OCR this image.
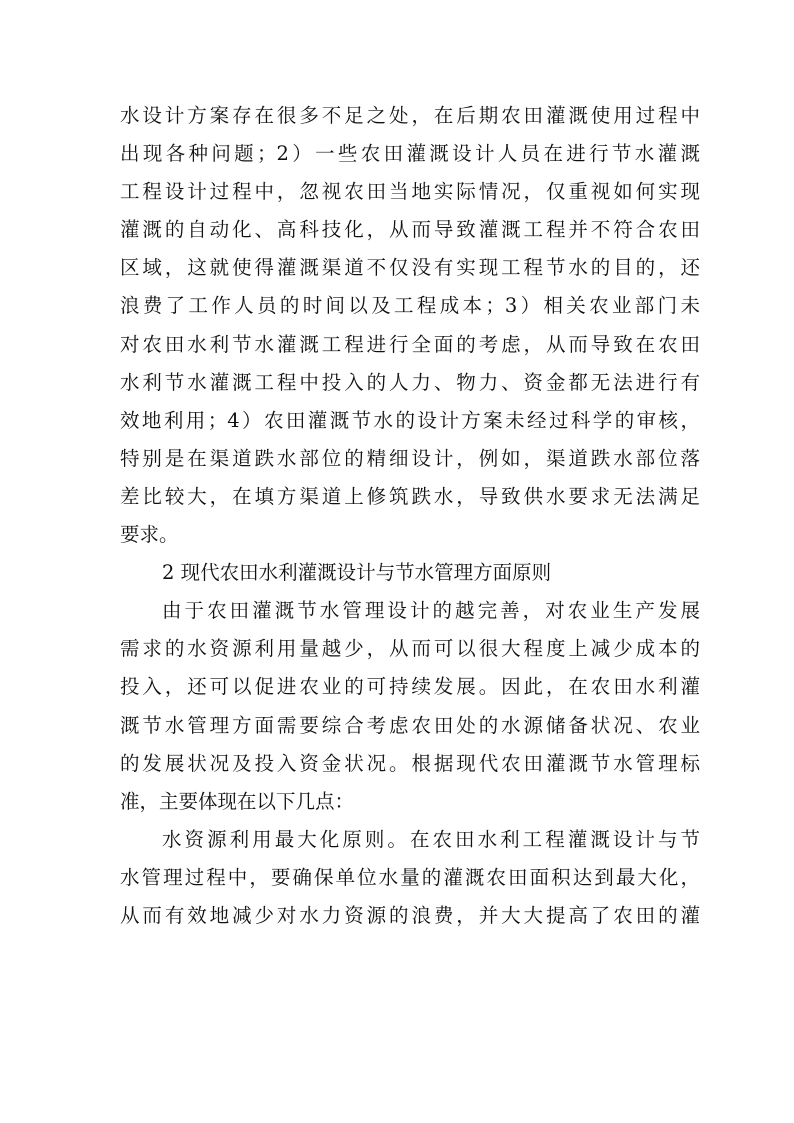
水设计方案存在很多不足之处，在后期农田灌溉使用过程中
出现各种问题；2）一些农田灌溉设计人员在进行节水灌溉
工程设计过程中，忽视农田当地实际情况，仅重视如何实现
灌溉的自动化、高科技化，从而导致灌溉工程并不符合农田
区域，这就使得灌溉渠道不仅没有实现工程节水的目的，还
浪费了工作人员的时间以及工程成本；3）相关农业部门未
对农田水利节水灌溉工程进行全面的考虑，从而导致在农田
水利节水灌溉工程中投入的人力、物力、资金都无法进行有
效地利用；4）农田灌溉节水的设计方案未经过科学的审核，
特别是在渠道跌水部位的精细设计，例如，渠道跌水部位落
差比较大，在填方渠道上修筑跌水，导致供水要求无法满足
要求。
2 现代农田水利灌溉设计与节水管理方面原则
由于农田灌溉节水管理设计的越完善，对农业生产发展
需求的水资源利用量越少，从而可以很大程度上减少成本的
投入，还可以促进农业的可持续发展。因此，在农田水利灌
溉节水管理方面需要综合考虑农田处的水源储备状况、农业
的发展状况及投入资金状况。根据现代农田灌溉节水管理标
准，主要体现在以下几点：
水资源利用最大化原则。在农田水利工程灌溉设计与节
水管理过程中，要确保单位水量的灌溉农田面积达到最大化，
从而有效地减少对水力资源的浪费，并大大提高了农田的灌
